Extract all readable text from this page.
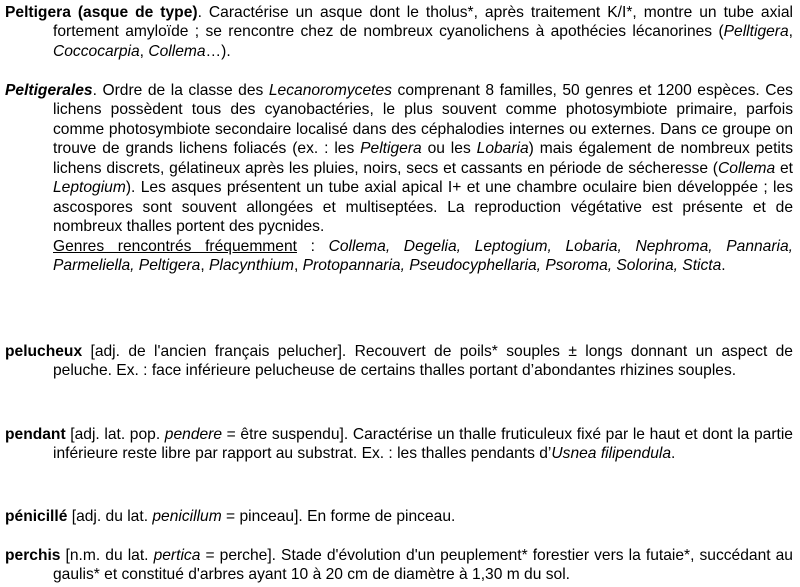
Peltigera (asque de type). Caractérise un asque dont le tholus*, après traitement K/I*, montre un tube axial fortement amyloïde ; se rencontre chez de nombreux cyanolichens à apothécies lécanorines (Pelltigera, Coccocarpia, Collema…).

Peltigerales. Ordre de la classe des Lecanoromycetes comprenant 8 familles, 50 genres et 1200 espèces. Ces lichens possèdent tous des cyanobactéries, le plus souvent comme photosymbiote primaire, parfois comme photosymbiote secondaire localisé dans des céphalodies internes ou externes. Dans ce groupe on trouve de grands lichens foliacés (ex. : les Peltigera ou les Lobaria) mais également de nombreux petits lichens discrets, gélatineux après les pluies, noirs, secs et cassants en période de sécheresse (Collema et Leptogium). Les asques présentent un tube axial apical I+ et une chambre oculaire bien développée ; les ascospores sont souvent allongées et multiseptées. La reproduction végétative est présente et de nombreux thalles portent des pycnides.
Genres rencontrés fréquemment : Collema, Degelia, Leptogium, Lobaria, Nephroma, Pannaria, Parmeliella, Peltigera, Placynthium, Protopannaria, Pseudocyphellaria, Psoroma, Solorina, Sticta.

pelucheux [adj. de l'ancien français pelucher]. Recouvert de poils* souples ± longs donnant un aspect de peluche. Ex. : face inférieure pelucheuse de certains thalles portant d’abondantes rhizines souples.

pendant [adj. lat. pop. pendere = être suspendu]. Caractérise un thalle fruticuleux fixé par le haut et dont la partie inférieure reste libre par rapport au substrat. Ex. : les thalles pendants d’Usnea filipendula.

pénicillé [adj. du lat. penicillum = pinceau]. En forme de pinceau.

perchis [n.m. du lat. pertica = perche]. Stade d'évolution d'un peuplement* forestier vers la futaie*, succédant au gaulis* et constitué d'arbres ayant 10 à 20 cm de diamètre à 1,30 m du sol.
